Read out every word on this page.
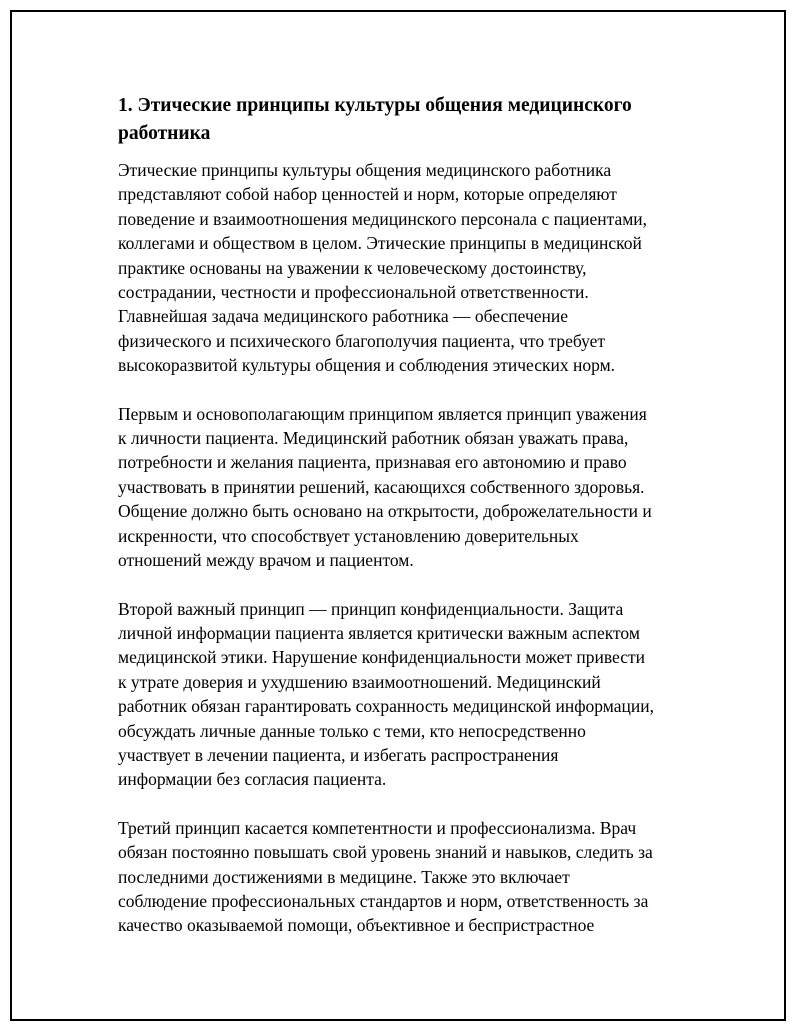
1. Этические принципы культуры общения медицинского
работника
Этические принципы культуры общения медицинского работника
представляют собой набор ценностей и норм, которые определяют
поведение и взаимоотношения медицинского персонала с пациентами,
коллегами и обществом в целом. Этические принципы в медицинской
практике основаны на уважении к человеческому достоинству,
сострадании, честности и профессиональной ответственности.
Главнейшая задача медицинского работника — обеспечение
физического и психического благополучия пациента, что требует
высокоразвитой культуры общения и соблюдения этических норм.
Первым и основополагающим принципом является принцип уважения
к личности пациента. Медицинский работник обязан уважать права,
потребности и желания пациента, признавая его автономию и право
участвовать в принятии решений, касающихся собственного здоровья.
Общение должно быть основано на открытости, доброжелательности и
искренности, что способствует установлению доверительных
отношений между врачом и пациентом.
Второй важный принцип — принцип конфиденциальности. Защита
личной информации пациента является критически важным аспектом
медицинской этики. Нарушение конфиденциальности может привести
к утрате доверия и ухудшению взаимоотношений. Медицинский
работник обязан гарантировать сохранность медицинской информации,
обсуждать личные данные только с теми, кто непосредственно
участвует в лечении пациента, и избегать распространения
информации без согласия пациента.
Третий принцип касается компетентности и профессионализма. Врач
обязан постоянно повышать свой уровень знаний и навыков, следить за
последними достижениями в медицине. Также это включает
соблюдение профессиональных стандартов и норм, ответственность за
качество оказываемой помощи, объективное и беспристрастное
